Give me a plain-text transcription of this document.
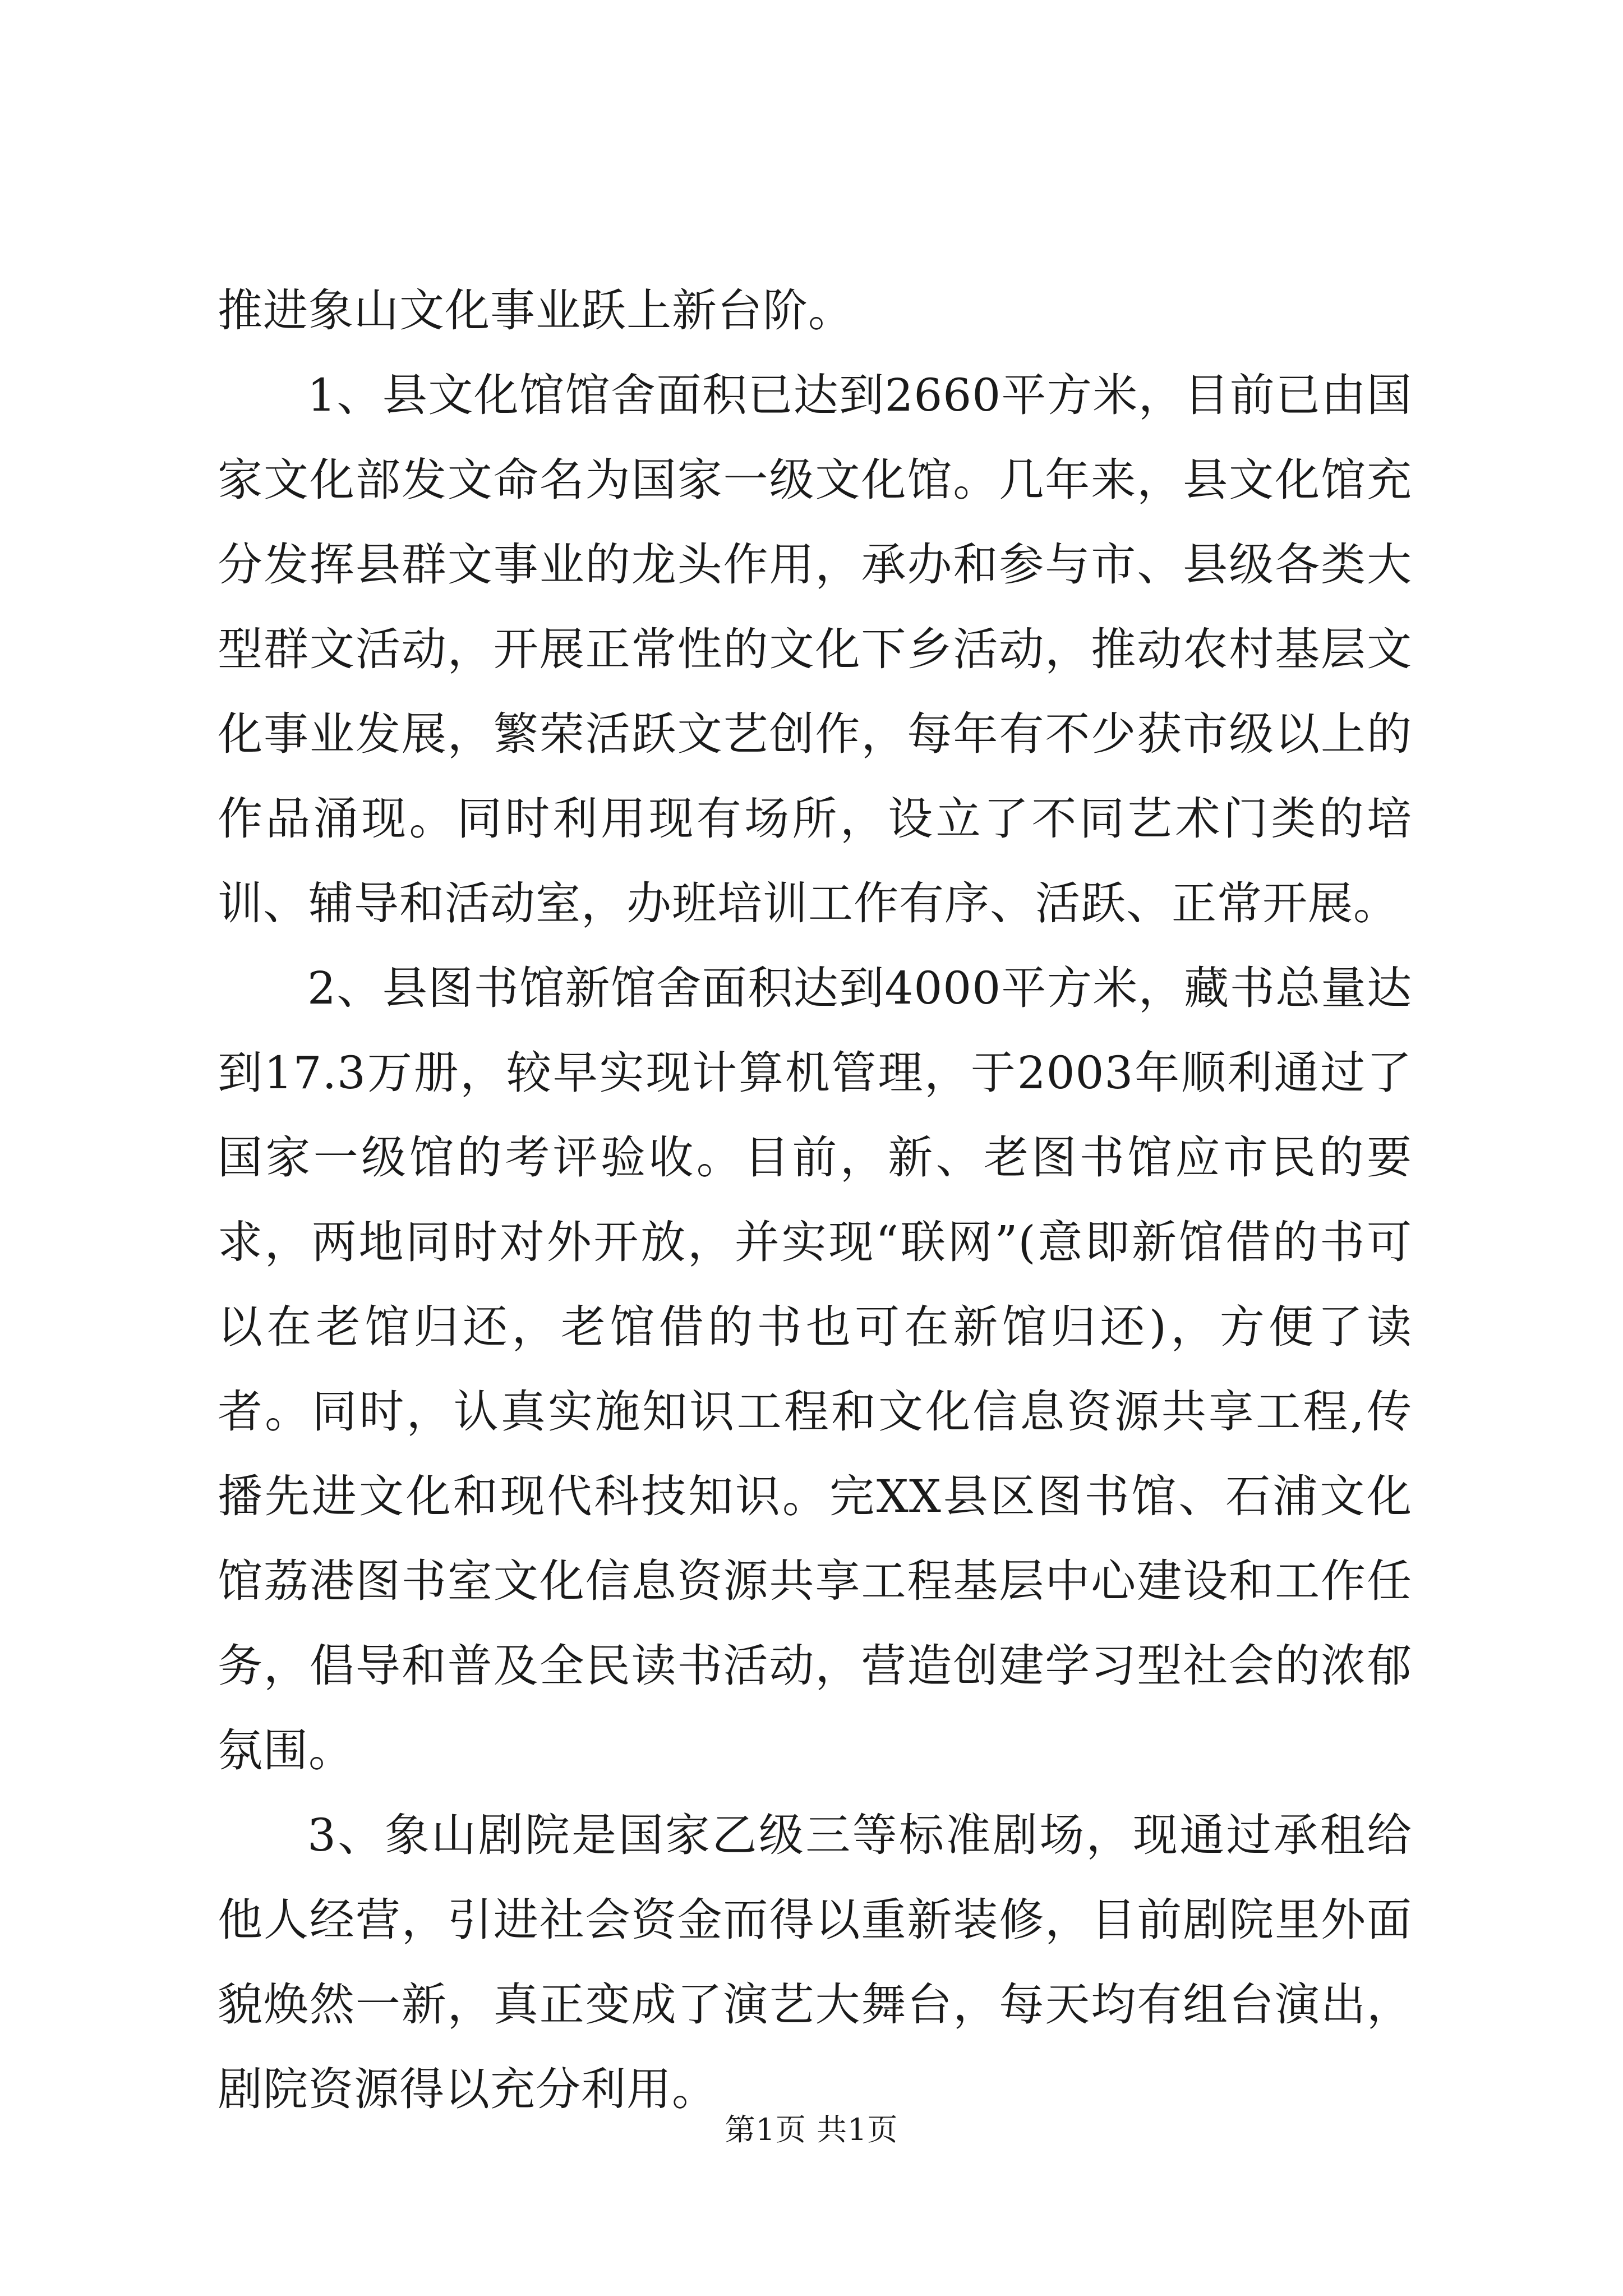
推进象山文化事业跃上新台阶。

1、县文化馆馆舍面积已达到2660平方米，目前已由国家文化部发文命名为国家一级文化馆。几年来，县文化馆充分发挥县群文事业的龙头作用，承办和参与市、县级各类大型群文活动，开展正常性的文化下乡活动，推动农村基层文化事业发展，繁荣活跃文艺创作，每年有不少获市级以上的作品涌现。同时利用现有场所，设立了不同艺术门类的培训、辅导和活动室，办班培训工作有序、活跃、正常开展。

2、县图书馆新馆舍面积达到4000平方米，藏书总量达到17.3万册，较早实现计算机管理，于2003年顺利通过了国家一级馆的考评验收。目前，新、老图书馆应市民的要求，两地同时对外开放，并实现“联网”(意即新馆借的书可以在老馆归还，老馆借的书也可在新馆归还)，方便了读者。同时，认真实施知识工程和文化信息资源共享工程,传播先进文化和现代科技知识。完XX县区图书馆、石浦文化馆荔港图书室文化信息资源共享工程基层中心建设和工作任务，倡导和普及全民读书活动，营造创建学习型社会的浓郁氛围。

3、象山剧院是国家乙级三等标准剧场，现通过承租给他人经营，引进社会资金而得以重新装修，目前剧院里外面貌焕然一新，真正变成了演艺大舞台，每天均有组台演出，剧院资源得以充分利用。

第1页 共1页
